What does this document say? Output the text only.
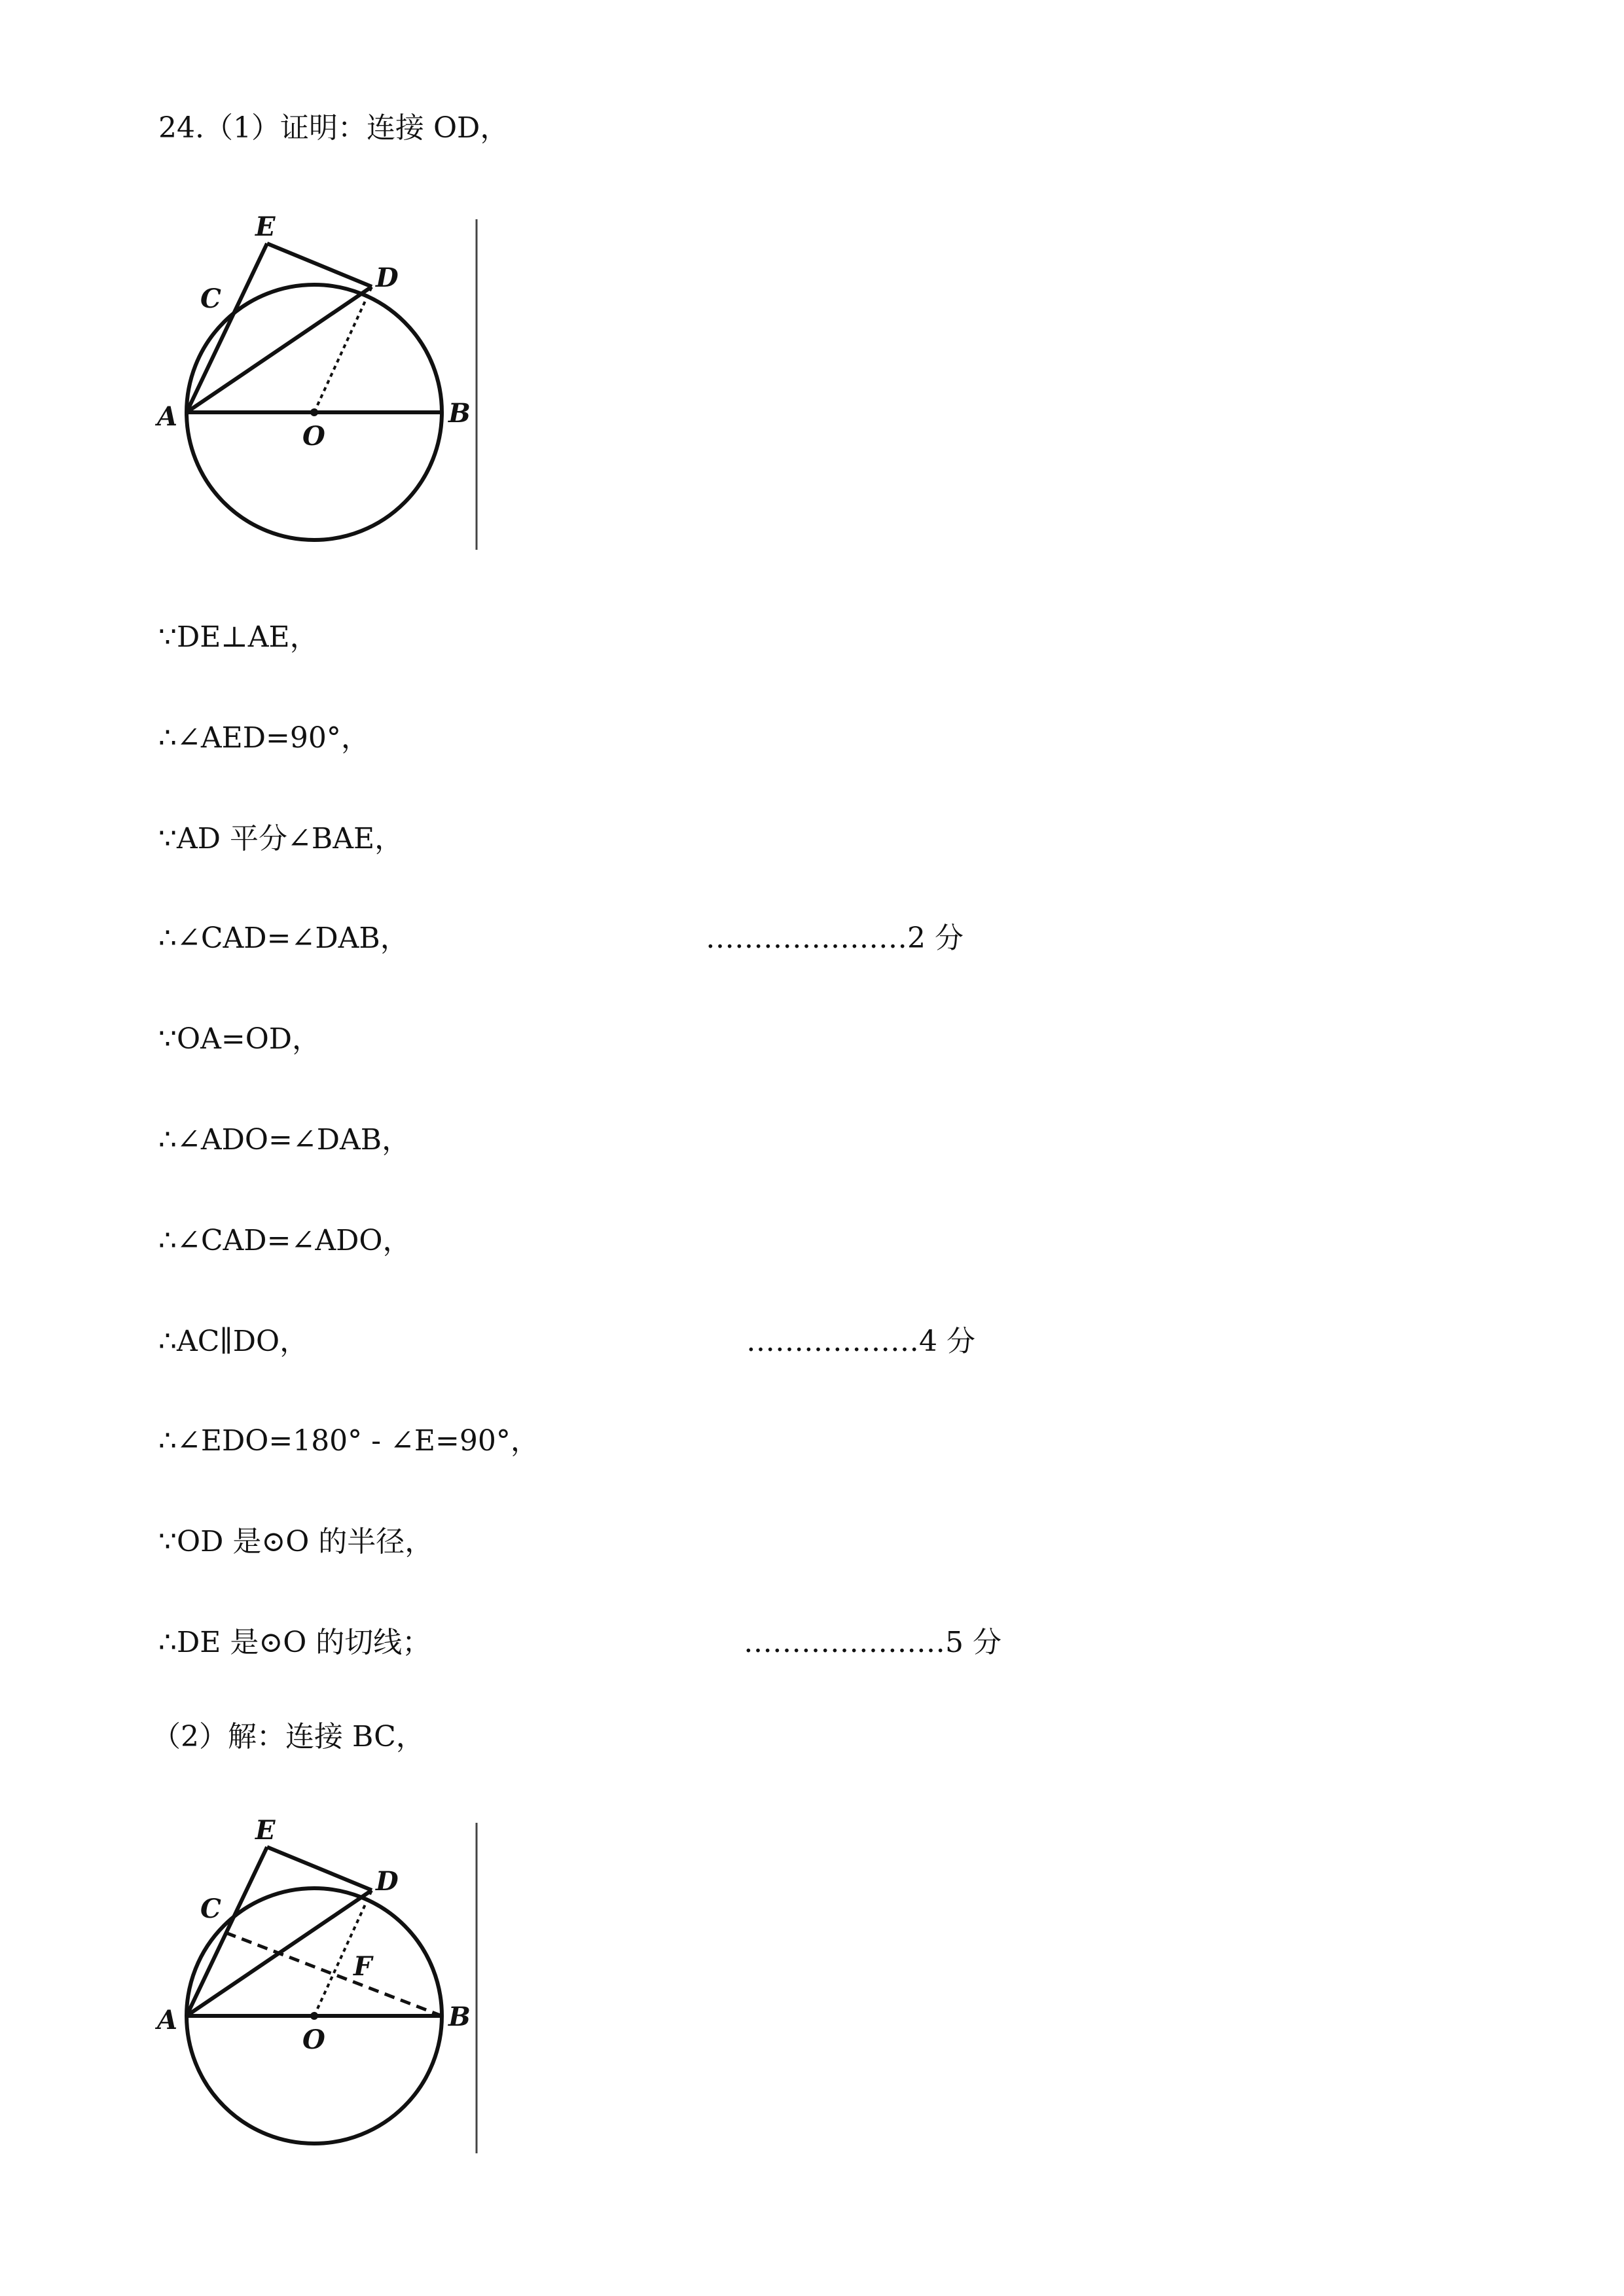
24.（1）证明：连接 OD，
E
C
D
A
O
B
∵DE⊥AE，
∴∠AED=90°，
∵AD 平分∠BAE，
∴∠CAD=∠DAB，	…………………2 分
∵OA=OD，
∴∠ADO=∠DAB，
∴∠CAD=∠ADO，
∴AC∥DO，	………………4 分
∴∠EDO=180° - ∠E=90°，
∵OD 是⊙O 的半径，
∴DE 是⊙O 的切线；	…………………5 分
（2）解：连接 BC，
E
C
D
F
A
O
B
